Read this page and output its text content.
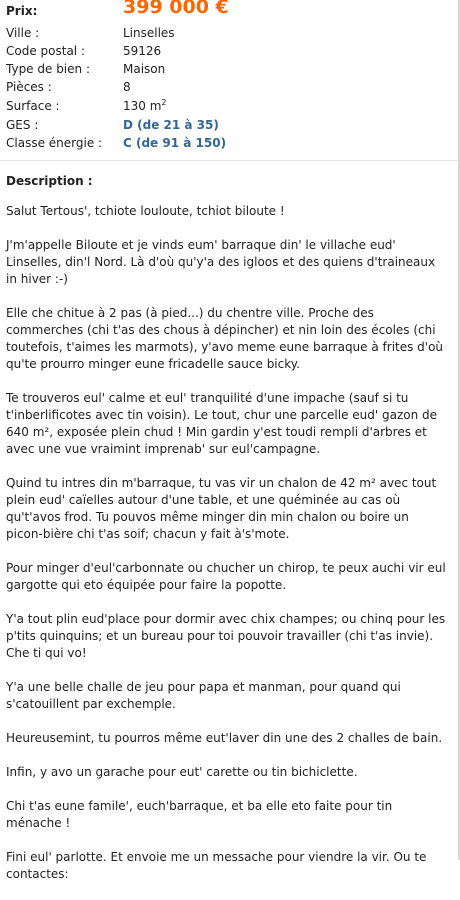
Prix:	399 000 €
Ville :	Linselles
Code postal :	59126
Type de bien :	Maison
Pièces :	8
Surface :	130 $m^2$
GES :	D (de 21 à 35)
Classe énergie :	C (de 91 à 150)
Description :

Salut Tertous', tchiote louloute, tchiot biloute !

J'm'appelle Biloute et je vinds eum' barraque din' le villache eud' Linselles, din'l Nord. Là d'où qu'y'a des igloos et des quiens d'traineaux in hiver :-)

Elle che chitue à 2 pas (à pied...) du chentre ville. Proche des commerches (chi t'as des chous à dépincher) et nin loin des écoles (chi toutefois, t'aimes les marmots), y'avo meme eune barraque à frites d'où qu'te prourro minger eune fricadelle sauce bicky.

Te trouveros eul' calme et eul' tranquilité d'une impache (sauf si tu t'inberlificotes avec tin voisin). Le tout, chur une parcelle eud' gazon de 640 m², exposée plein chud ! Min gardin y'est toudi rempli d'arbres et avec une vue vraimint imprenab' sur eul'campagne.

Quind tu intres din m'barraque, tu vas vir un chalon de 42 m² avec tout plein eud' caïelles autour d'une table, et une quéminée au cas où qu't'avos frod. Tu pouvos même minger din min chalon ou boire un picon-bière chi t'as soif; chacun y fait à's'mote.

Pour minger d'eul'carbonnate ou chucher un chirop, te peux auchi vir eul gargotte qui eto équipée pour faire la popotte.

Y'a tout plin eud'place pour dormir avec chix champes; ou chinq pour les p'tits quinquins; et un bureau pour toi pouvoir travailler (chi t'as invie). Che ti qui vo!

Y'a une belle challe de jeu pour papa et manman, pour quand qui s'catouillent par exchemple.

Heureusemint, tu pourros même eut'laver din une des 2 challes de bain.

Infin, y avo un garache pour eut' carette ou tin bichiclette.

Chi t'as eune famile', euch'barraque, et ba elle eto faite pour tin ménache !

Fini eul' parlotte. Et envoie me un messache pour viendre la vir. Ou te contactes:
